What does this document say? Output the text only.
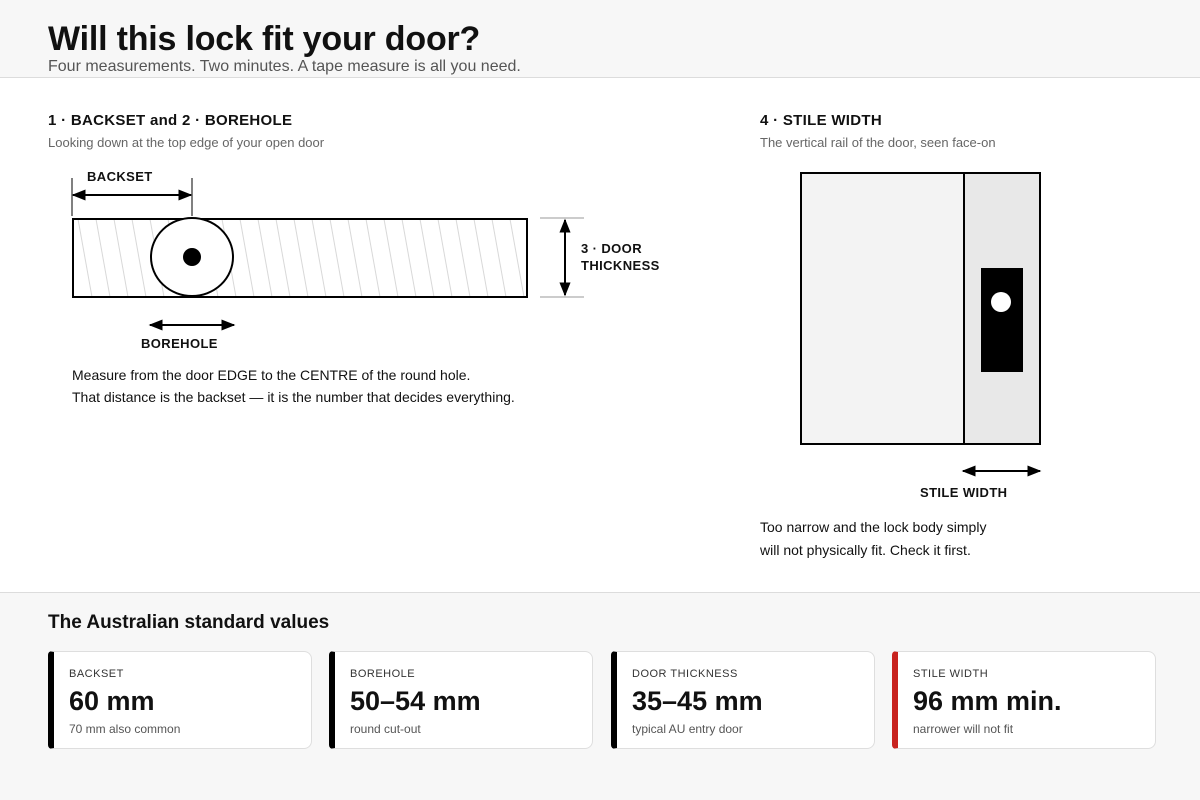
Will this lock fit your door?
Four measurements. Two minutes. A tape measure is all you need.
1 · BACKSET and 2 · BOREHOLE
Looking down at the top edge of your open door
4 · STILE WIDTH
The vertical rail of the door, seen face-on
BACKSET
BOREHOLE
3 · DOOR
THICKNESS
STILE WIDTH
Measure from the door EDGE to the CENTRE of the round hole.
That distance is the backset — it is the number that decides everything.
Too narrow and the lock body simply
will not physically fit. Check it first.
The Australian standard values
BACKSET
60 mm
70 mm also common
BOREHOLE
50–54 mm
round cut-out
DOOR THICKNESS
35–45 mm
typical AU entry door
STILE WIDTH
96 mm min.
narrower will not fit
